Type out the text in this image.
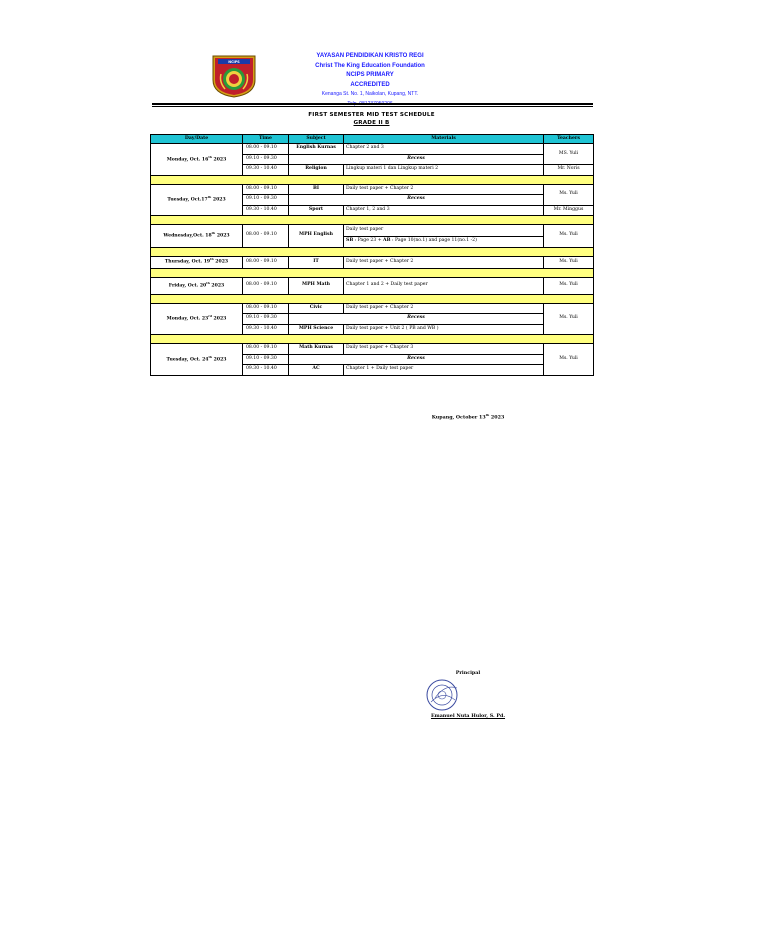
NCIPS
YAYASAN PENDIDIKAN KRISTO REGI
Christ The King Education Foundation
NCIPS PRIMARY
ACCREDITED
Kenanga St. No. 1, Naikolan, Kupang, NTT.
FIRST SEMESTER MID TEST SCHEDULE
GRADE II B
Day/Date	Time	Subject	Materials	Teachers
Monday, Oct. 16th 2023	08.00 - 09.10	English Kurnas	Chapter 2 and 3	MS. Yuli
	09.10 - 09.30	Recess		
	09.30 - 10.40	Religion	Lingkup materi 1 dan Lingkup materi 2	Mr. Noris

Tuesday, Oct.17th 2023	08.00 - 09.10	BI	Daily test paper + Chapter 2	Ms. Yuli
	09.10 - 09.30	Recess		
	09.30 - 10.40	Sport	Chapter 1, 2 and 3	Mr. Minggus

Wednesday,Oct. 18th 2023	08.00 - 09.10	MPH English	Daily test paper	Ms. Yuli
			SB : Page 23 + AB : Page 10(no.1) and page 11(no.1 -2)	

Thursday, Oct. 19th 2023	08.00 - 09.10	IT	Daily test paper + Chapter 2	Ms. Yuli

Friday, Oct. 20th 2023	08.00 - 09.10	MPH Math	Chapter 1 and 2 + Daily test paper	Ms. Yuli

Monday, Oct. 23rd 2023	08.00 - 09.10	Civic	Daily test paper + Chapter 2	Ms. Yuli
	09.10 - 09.30	Recess		
	09.30 - 10.40	MPH Science	Daily test paper + Unit 2 ( PB and WB )	

Tuesday, Oct. 24th 2023	08.00 - 09.10	Math Kurnas	Daily test paper + Chapter 3	Ms. Yuli
	09.10 - 09.30	Recess		
	09.30 - 10.40	AC	Chapter 1 + Daily test paper	
Kupang, October 13th 2023
Principal
Emanuel Nuta Hulor, S. Pd.
